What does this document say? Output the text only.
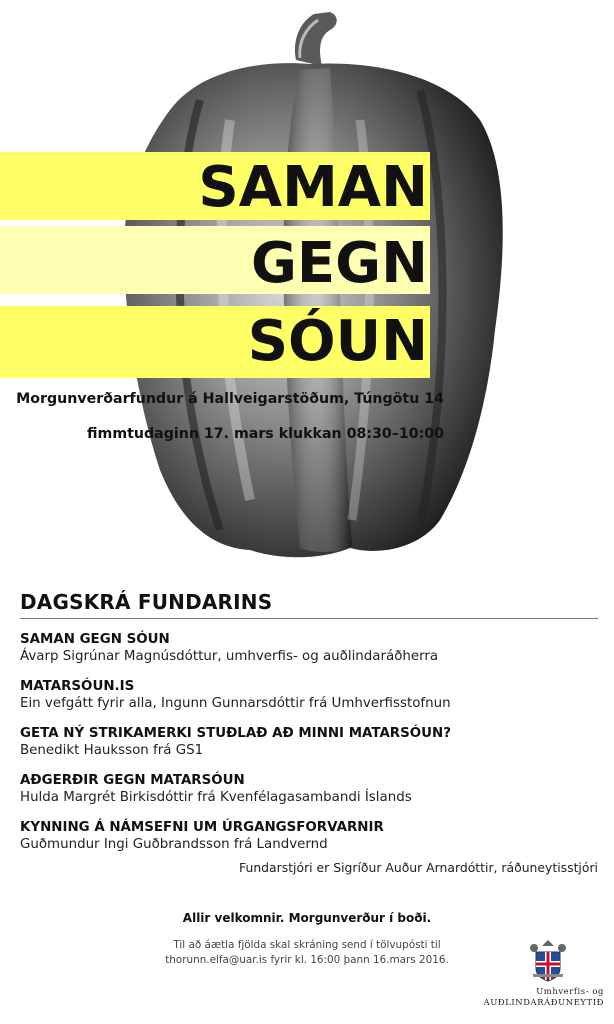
SAMAN
GEGN
SÓUN
Morgunverðarfundur á Hallveigarstöðum, Túngötu 14
fimmtudaginn 17. mars klukkan 08:30–10:00
DAGSKRÁ FUNDARINS
SAMAN GEGN SÓUN
Ávarp Sigrúnar Magnúsdóttur, umhverfis- og auðlindaráðherra
MATARSÓUN.IS
Ein vefgátt fyrir alla, Ingunn Gunnarsdóttir frá Umhverfisstofnun
GETA NÝ STRIKAMERKI STUÐLAÐ AÐ MINNI MATARSÓUN?
Benedikt Hauksson frá GS1
AÐGERÐIR GEGN MATARSÓUN
Hulda Margrét Birkisdóttir frá Kvenfélagasambandi Íslands
KYNNING Á NÁMSEFNI UM ÚRGANGSFORVARNIR
Guðmundur Ingi Guðbrandsson frá Landvernd
Fundarstjóri er Sigríður Auður Arnardóttir, ráðuneytisstjóri
Allir velkomnir. Morgunverður í boði.
Til að áætla fjölda skal skráning send í tölvupósti til
thorunn.elfa@uar.is fyrir kl. 16:00 þann 16.mars 2016.
Umhverfis- og
AUÐLINDARÁÐUNEYTIÐ
